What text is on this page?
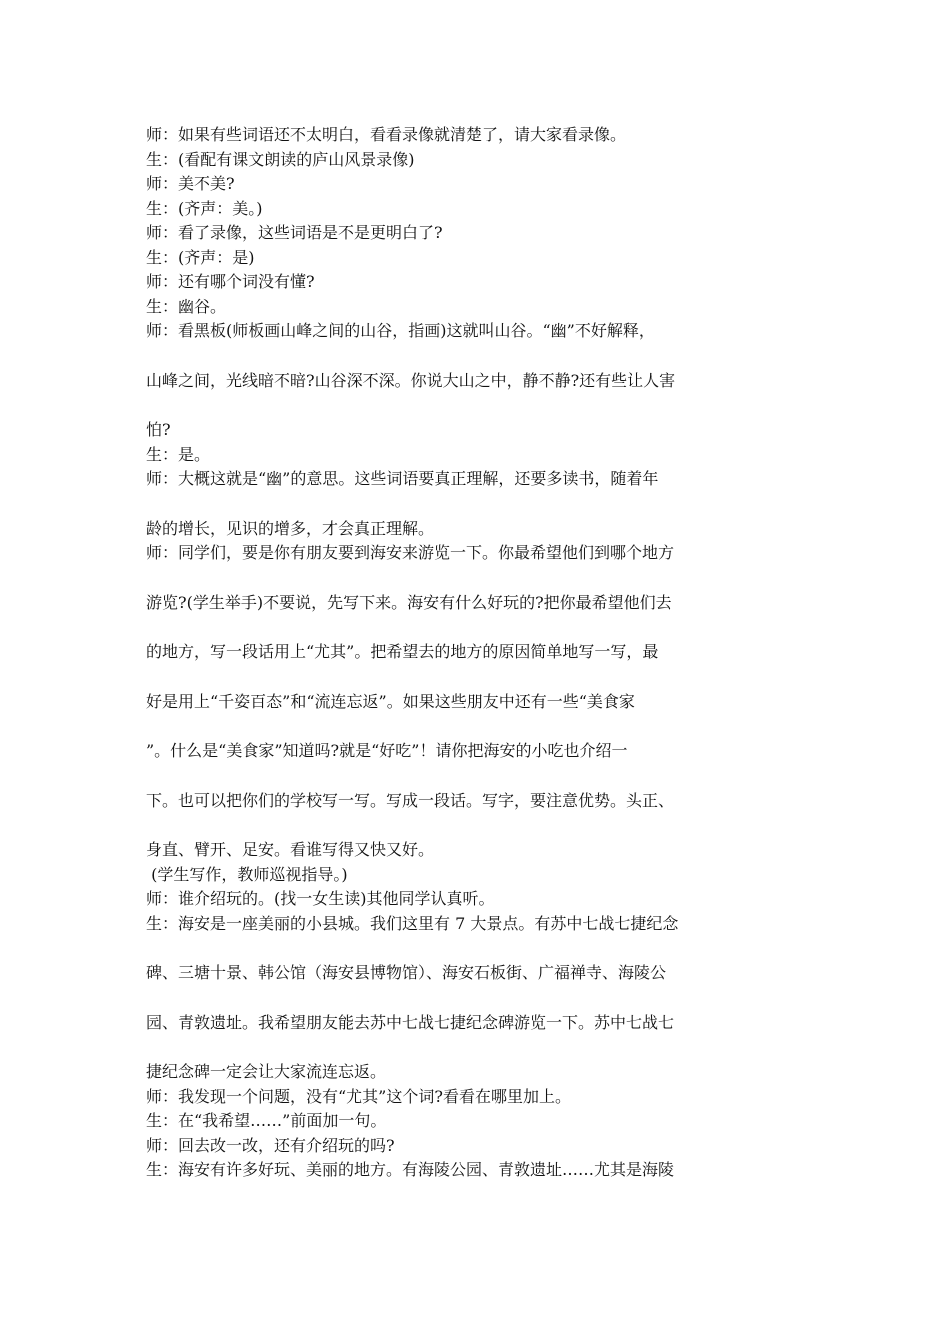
师：如果有些词语还不太明白，看看录像就清楚了，请大家看录像。

生：(看配有课文朗读的庐山风景录像)

师：美不美?

生：(齐声：美。)

师：看了录像，这些词语是不是更明白了?

生：(齐声：是)

师：还有哪个词没有懂?

生：幽谷。

师：看黑板(师板画山峰之间的山谷，指画)这就叫山谷。“幽”不好解释，

山峰之间，光线暗不暗?山谷深不深。你说大山之中，静不静?还有些让人害

怕?

生：是。

师：大概这就是“幽”的意思。这些词语要真正理解，还要多读书，随着年

龄的增长，见识的增多，才会真正理解。

师：同学们，要是你有朋友要到海安来游览一下。你最希望他们到哪个地方

游览?(学生举手)不要说，先写下来。海安有什么好玩的?把你最希望他们去

的地方，写一段话用上“尤其”。把希望去的地方的原因简单地写一写，最

好是用上“千姿百态”和“流连忘返”。如果这些朋友中还有一些“美食家

”。什么是“美食家”知道吗?就是“好吃”！请你把海安的小吃也介绍一

下。也可以把你们的学校写一写。写成一段话。写字，要注意优势。头正、

身直、臂开、足安。看谁写得又快又好。

(学生写作，教师巡视指导。)

师：谁介绍玩的。(找一女生读)其他同学认真听。

生：海安是一座美丽的小县城。我们这里有 7 大景点。有苏中七战七捷纪念

碑、三塘十景、韩公馆（海安县博物馆）、海安石板街、广福禅寺、海陵公

园、青敦遗址。我希望朋友能去苏中七战七捷纪念碑游览一下。苏中七战七

捷纪念碑一定会让大家流连忘返。

师：我发现一个问题，没有“尤其”这个词?看看在哪里加上。

生：在“我希望……”前面加一句。

师：回去改一改，还有介绍玩的吗?

生：海安有许多好玩、美丽的地方。有海陵公园、青敦遗址……尤其是海陵
